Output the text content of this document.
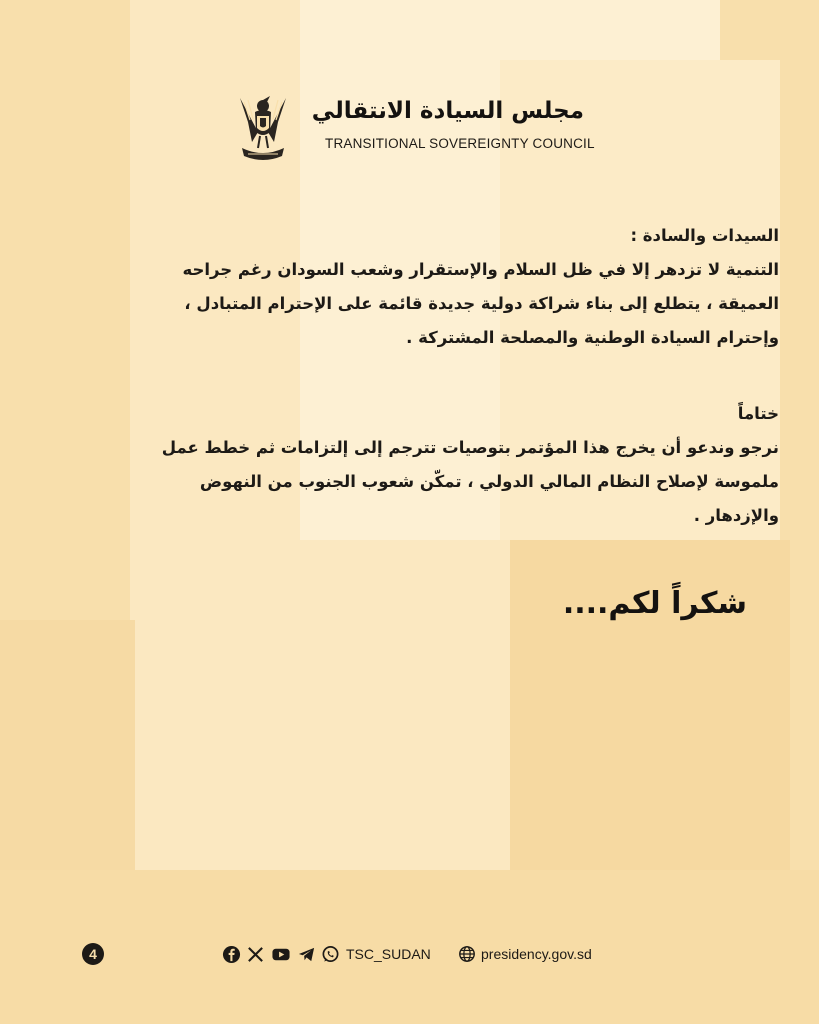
مجلس السيادة الانتقالي
TRANSITIONAL SOVEREIGNTY COUNCIL

السيدات والسادة :

التنمية لا تزدهر إلا في ظل السلام والإستقرار وشعب السودان رغم جراحه

العميقة ، يتطلع إلى بناء شراكة دولية جديدة قائمة على الإحترام المتبادل ،

وإحترام السيادة الوطنية والمصلحة المشتركة .

ختاماً

نرجو وندعو أن يخرج هذا المؤتمر بتوصيات تترجم إلى إلتزامات ثم خطط عمل

ملموسة لإصلاح النظام المالي الدولي ، تمكّن شعوب الجنوب من النهوض

والإزدهار .

شكراً لكم....
4	TSC_SUDAN	presidency.gov.sd
